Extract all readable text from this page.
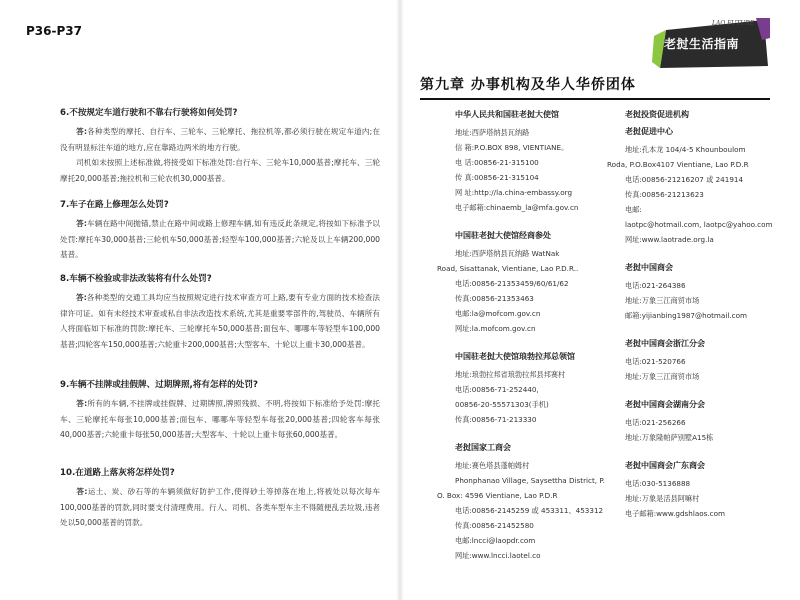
P36-P37

6.不按规定车道行驶和不靠右行驶将如何处罚?

答:各种类型的摩托、自行车、三轮车、三轮摩托、拖拉机等,都必须行驶在规定车道内;在没有明显标注车道的地方,应在靠路边两米的地方行驶。

司机如未按照上述标准做,将接受如下标准处罚:自行车、三轮车10,000基普;摩托车、三轮摩托20,000基普;拖拉机和三轮农机30,000基普。

7.车子在路上修理怎么处罚?

答:车辆在路中间抛锚,禁止在路中间或路上修理车辆,如有违反此条规定,将按如下标准予以处罚:摩托车30,000基普;三轮机车50,000基普;轻型车100,000基普;六轮及以上车辆200,000基普。

8.车辆不检验或非法改装将有什么处罚?

答:各种类型的交通工具均应当按照规定进行技术审查方可上路,要有专业方面的技术检查法律许可证。如有未经技术审查或私自非法改造技术系统,尤其是重要零部件的,驾驶员、车辆所有人将面临如下标准的罚款:摩托车、三轮摩托车50,000基普;面包车、哪哪车等轻型车100,000基普;四轮客车150,000基普;六轮重卡200,000基普;大型客车、十轮以上重卡30,000基普。

9.车辆不挂牌或挂假牌、过期牌照,将有怎样的处罚?

答:所有的车辆,不挂牌或挂假牌、过期牌照,牌照残损、不明,将按如下标准给予处罚:摩托车、三轮摩托车每张10,000基普;面包车、哪哪车等轻型车每张20,000基普;四轮客车每张40,000基普;六轮重卡每张50,000基普;大型客车、十轮以上重卡每张60,000基普。

10.在道路上落灰将怎样处罚?

答:运土、炭、砂石等的车辆须做好防护工作,使得砂土等掉落在地上,将被处以每次每车100,000基普的罚款,同时要支付清理费用。行人、司机、各类车型车主不得随便乱丢垃圾,违者处以50,000基普的罚款。

第九章 办事机构及华人华侨团体
LAO FUTURE
老挝生活指南
中华人民共和国驻老挝大使馆
地址:西萨塔纳县瓦纳路
信 箱:P.O.BOX 898, VIENTIANE。
电 话:00856-21-315100
传 真:00856-21-315104
网 址:http://la.china-embassy.org
电子邮箱:chinaemb_la@mfa.gov.cn
中国驻老挝大使馆经商参处
地址:西萨塔纳县瓦纳路 WatNak
Road, Sisattanak, Vientiane, Lao P.D.R..
电话:00856-21353459/60/61/62
传真:00856-21353463
电邮:la@mofcom.gov.cn
网址:la.mofcom.gov.cn
中国驻老挝大使馆琅勃拉邦总领馆
地址:琅勃拉邦省琅勃拉邦县邦赛村
电话:00856-71-252440,
00856-20-55571303(手机)
传真:00856-71-213330
老挝国家工商会
地址:赛色塔县蓬帕姆村
Phonphanao Village, Saysettha District, P.
O. Box: 4596 Vientiane, Lao P.D.R
电话:00856-2145259 或 453311、453312
传真:00856-21452580
电邮:lncci@laopdr.com
网址:www.lncci.laotel.co
老挝投资促进机构
老挝促进中心
地址:孔本龙 104/4-5 Khounboulom
Roda, P.O.Box4107 Vientiane, Lao P.D.R
电话:00856-21216207 或 241914
传真:00856-21213623
电邮:
laotpc@hotmail.com, laotpc@yahoo.com
网址:www.laotrade.org.la
老挝中国商会
电话:021-264386
地址:万象三江商贸市场
邮箱:yijianbing1987@hotmail.com
老挝中国商会浙江分会
电话:021-520766
地址:万象三江商贸市场
老挝中国商会湖南分会
电话:021-256266
地址:万象隆帕萨别墅A15栋
老挝中国商会广东商会
电话:030-5136888
地址:万象是活县阿嘛村
电子邮箱:www.gdshlaos.com
